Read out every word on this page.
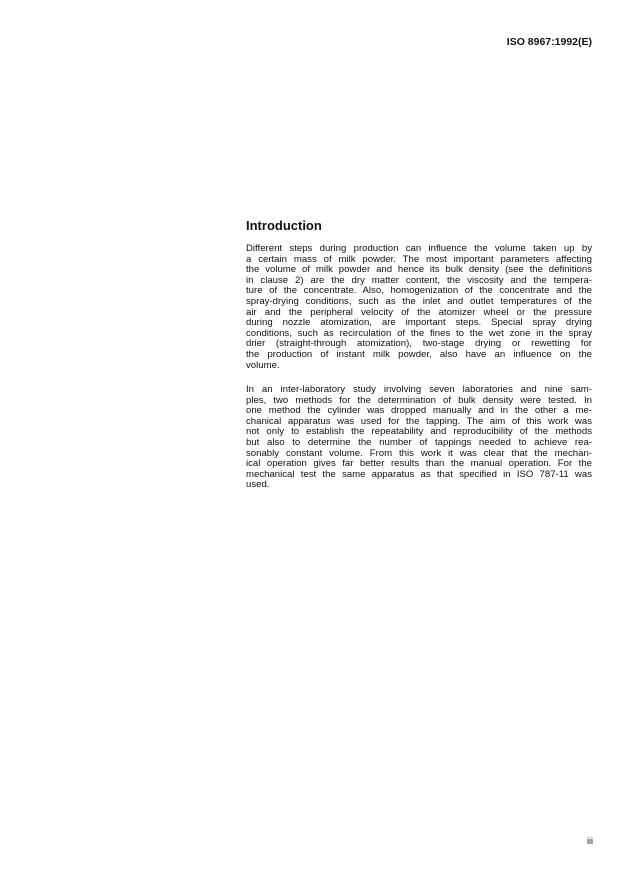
ISO 8967:1992(E)
Introduction
Different steps during production can influence the volume taken up by
a certain mass of milk powder. The most important parameters affecting
the volume of milk powder and hence its bulk density (see the definitions
in clause 2) are the dry matter content, the viscosity and the tempera-
ture of the concentrate. Also, homogenization of the concentrate and the
spray-drying conditions, such as the inlet and outlet temperatures of the
air and the peripheral velocity of the atomizer wheel or the pressure
during nozzle atomization, are important steps. Special spray drying
conditions, such as recirculation of the fines to the wet zone in the spray
drier (straight-through atomization), two-stage drying or rewetting for
the production of instant milk powder, also have an influence on the
volume.
In an inter-laboratory study involving seven laboratories and nine sam-
ples, two methods for the determination of bulk density were tested. In
one method the cylinder was dropped manually and in the other a me-
chanical apparatus was used for the tapping. The aim of this work was
not only to establish the repeatability and reproducibility of the methods
but also to determine the number of tappings needed to achieve rea-
sonably constant volume. From this work it was clear that the mechan-
ical operation gives far better results than the manual operation. For the
mechanical test the same apparatus as that specified in ISO 787-11 was
used.
iii
